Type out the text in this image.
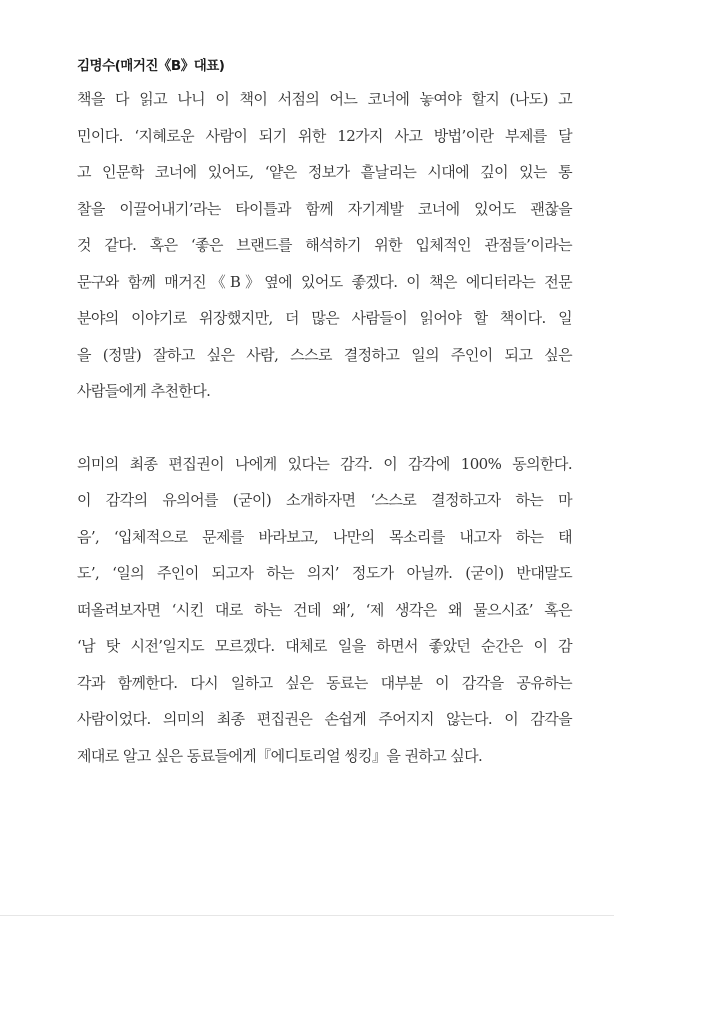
김명수(매거진《B》대표)
책을 다 읽고 나니 이 책이 서점의 어느 코너에 놓여야 할지 (나도) 고
민이다. ‘지혜로운 사람이 되기 위한 12가지 사고 방법’이란 부제를 달
고 인문학 코너에 있어도, ‘얕은 정보가 흩날리는 시대에 깊이 있는 통
찰을 이끌어내기’라는 타이틀과 함께 자기계발 코너에 있어도 괜찮을
것 같다. 혹은 ‘좋은 브랜드를 해석하기 위한 입체적인 관점들’이라는
문구와 함께 매거진《B》옆에 있어도 좋겠다. 이 책은 에디터라는 전문
분야의 이야기로 위장했지만, 더 많은 사람들이 읽어야 할 책이다. 일
을 (정말) 잘하고 싶은 사람, 스스로 결정하고 일의 주인이 되고 싶은
사람들에게 추천한다.
의미의 최종 편집권이 나에게 있다는 감각. 이 감각에 100% 동의한다.
이 감각의 유의어를 (굳이) 소개하자면 ‘스스로 결정하고자 하는 마
음’, ‘입체적으로 문제를 바라보고, 나만의 목소리를 내고자 하는 태
도’, ‘일의 주인이 되고자 하는 의지’ 정도가 아닐까. (굳이) 반대말도
떠올려보자면 ‘시킨 대로 하는 건데 왜’, ‘제 생각은 왜 물으시죠’ 혹은
‘남 탓 시전’일지도 모르겠다. 대체로 일을 하면서 좋았던 순간은 이 감
각과 함께한다. 다시 일하고 싶은 동료는 대부분 이 감각을 공유하는
사람이었다. 의미의 최종 편집권은 손쉽게 주어지지 않는다. 이 감각을
제대로 알고 싶은 동료들에게『에디토리얼 씽킹』을 권하고 싶다.
